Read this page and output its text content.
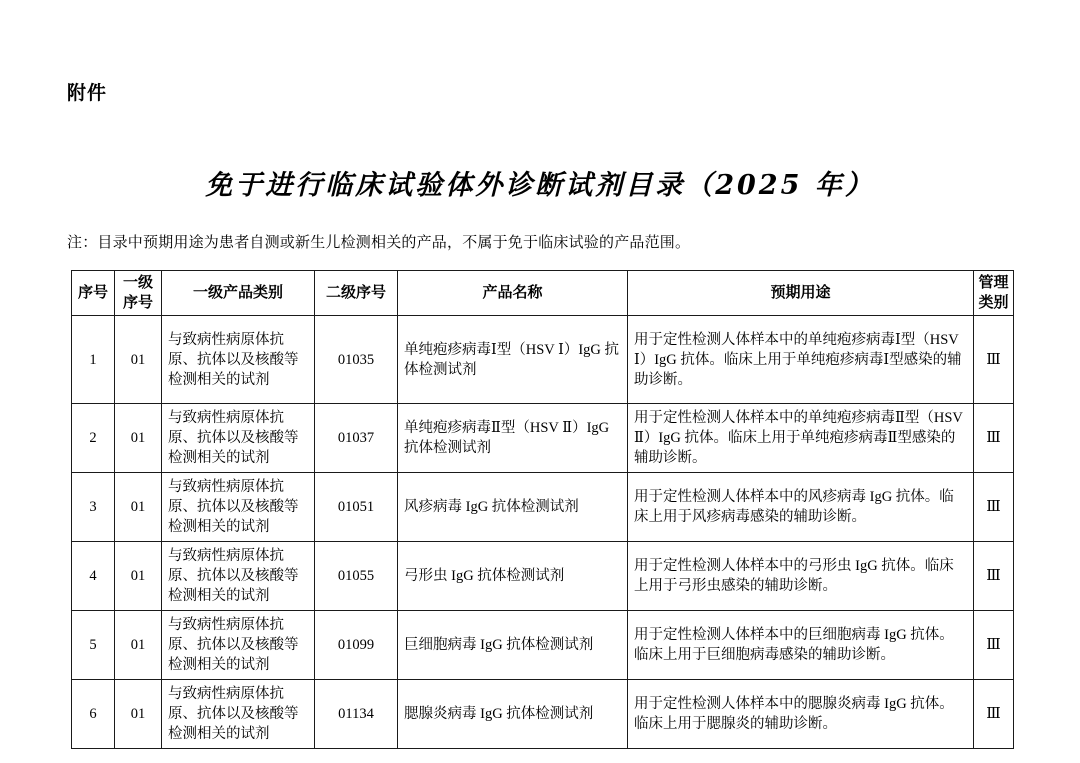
附件
免于进行临床试验体外诊断试剂目录（2025 年）
注：目录中预期用途为患者自测或新生儿检测相关的产品，不属于免于临床试验的产品范围。
序号	一级序号	一级产品类别	二级序号	产品名称	预期用途	管理类别
1	01	与致病性病原体抗原、抗体以及核酸等检测相关的试剂	01035	单纯疱疹病毒Ⅰ型（HSV Ⅰ）IgG 抗体检测试剂	用于定性检测人体样本中的单纯疱疹病毒Ⅰ型（HSV Ⅰ）IgG 抗体。临床上用于单纯疱疹病毒Ⅰ型感染的辅助诊断。	Ⅲ
2	01	与致病性病原体抗原、抗体以及核酸等检测相关的试剂	01037	单纯疱疹病毒Ⅱ型（HSV Ⅱ）IgG 抗体检测试剂	用于定性检测人体样本中的单纯疱疹病毒Ⅱ型（HSV Ⅱ）IgG 抗体。临床上用于单纯疱疹病毒Ⅱ型感染的辅助诊断。	Ⅲ
3	01	与致病性病原体抗原、抗体以及核酸等检测相关的试剂	01051	风疹病毒 IgG 抗体检测试剂	用于定性检测人体样本中的风疹病毒 IgG 抗体。临床上用于风疹病毒感染的辅助诊断。	Ⅲ
4	01	与致病性病原体抗原、抗体以及核酸等检测相关的试剂	01055	弓形虫 IgG 抗体检测试剂	用于定性检测人体样本中的弓形虫 IgG 抗体。临床上用于弓形虫感染的辅助诊断。	Ⅲ
5	01	与致病性病原体抗原、抗体以及核酸等检测相关的试剂	01099	巨细胞病毒 IgG 抗体检测试剂	用于定性检测人体样本中的巨细胞病毒 IgG 抗体。临床上用于巨细胞病毒感染的辅助诊断。	Ⅲ
6	01	与致病性病原体抗原、抗体以及核酸等检测相关的试剂	01134	腮腺炎病毒 IgG 抗体检测试剂	用于定性检测人体样本中的腮腺炎病毒 IgG 抗体。临床上用于腮腺炎的辅助诊断。	Ⅲ
